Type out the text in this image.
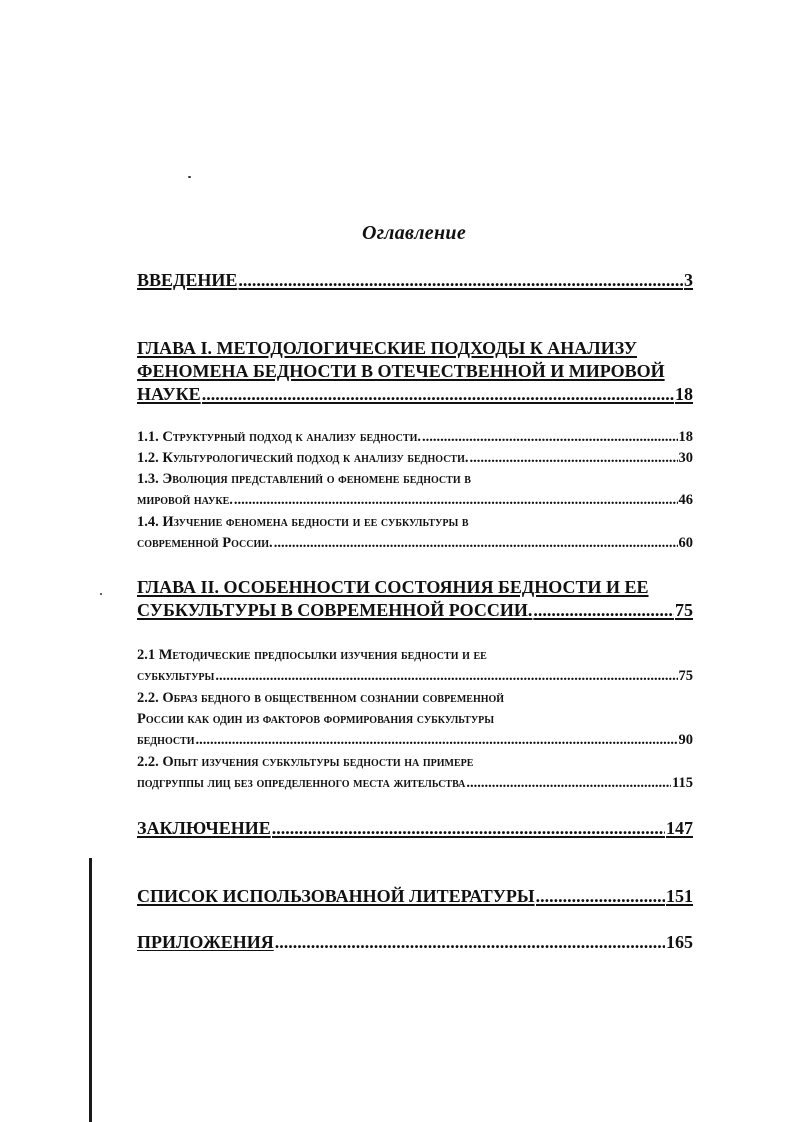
Оглавление
ВВЕДЕНИЕ .....	3
ГЛАВА I. МЕТОДОЛОГИЧЕСКИЕ ПОДХОДЫ К АНАЛИЗУ
ФЕНОМЕНА БЕДНОСТИ В ОТЕЧЕСТВЕННОЙ И МИРОВОЙ
НАУКЕ .....	18
1.1. Структурный подход к анализу бедности. .....	18
1.2. Культурологический подход к анализу бедности. .....	30
1.3. Эволюция представлений о феномене бедности в
мировой науке. .....	46
1.4. Изучение феномена бедности и ее субкультуры в
современной России. .....	60
ГЛАВА II. ОСОБЕННОСТИ СОСТОЯНИЯ БЕДНОСТИ И ЕЕ
СУБКУЛЬТУРЫ В СОВРЕМЕННОЙ РОССИИ. .....	75
2.1 Методические предпосылки изучения бедности и ее
субкультуры .....	75
2.2. Образ бедного в общественном сознании современной
России как один из факторов формирования субкультуры
бедности .....	90
2.2. Опыт изучения субкультуры бедности на примере
подгруппы лиц без определенного места жительства .....	115
ЗАКЛЮЧЕНИЕ .....	147
СПИСОК ИСПОЛЬЗОВАННОЙ ЛИТЕРАТУРЫ .....	151
ПРИЛОЖЕНИЯ .....	165
